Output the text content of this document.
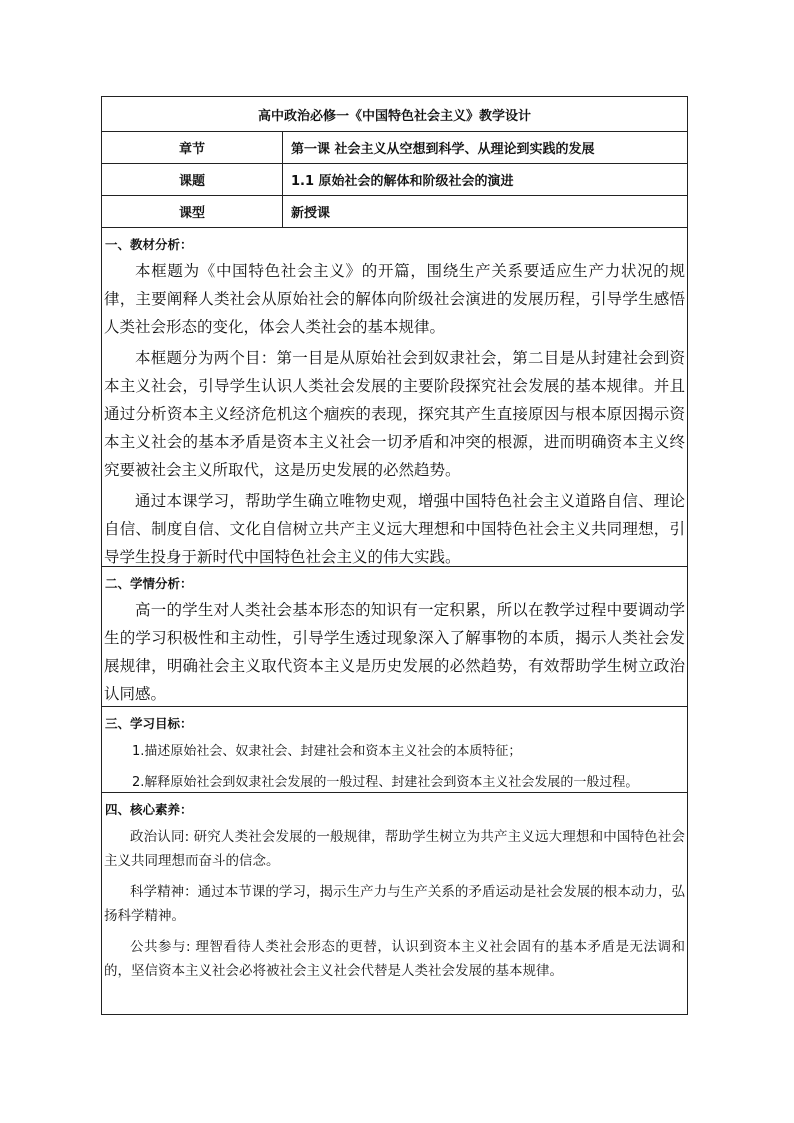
高中政治必修一《中国特色社会主义》教学设计
章节	第一课 社会主义从空想到科学、从理论到实践的发展
课题	1.1 原始社会的解体和阶级社会的演进
课型	新授课
一、教材分析：

本框题为《中国特色社会主义》的开篇，围绕生产关系要适应生产力状况的规律，主要阐释人类社会从原始社会的解体向阶级社会演进的发展历程，引导学生感悟人类社会形态的变化，体会人类社会的基本规律。

本框题分为两个目：第一目是从原始社会到奴隶社会，第二目是从封建社会到资本主义社会，引导学生认识人类社会发展的主要阶段探究社会发展的基本规律。并且通过分析资本主义经济危机这个痼疾的表现，探究其产生直接原因与根本原因揭示资本主义社会的基本矛盾是资本主义社会一切矛盾和冲突的根源，进而明确资本主义终究要被社会主义所取代，这是历史发展的必然趋势。

通过本课学习，帮助学生确立唯物史观，增强中国特色社会主义道路自信、理论自信、制度自信、文化自信树立共产主义远大理想和中国特色社会主义共同理想，引导学生投身于新时代中国特色社会主义的伟大实践。

二、学情分析：

高一的学生对人类社会基本形态的知识有一定积累，所以在教学过程中要调动学生的学习积极性和主动性，引导学生透过现象深入了解事物的本质，揭示人类社会发展规律，明确社会主义取代资本主义是历史发展的必然趋势，有效帮助学生树立政治认同感。

三、学习目标：
1.描述原始社会、奴隶社会、封建社会和资本主义社会的本质特征；
2.解释原始社会到奴隶社会发展的一般过程、封建社会到资本主义社会发展的一般过程。
四、核心素养：

政治认同: 研究人类社会发展的一般规律，帮助学生树立为共产主义远大理想和中国特色社会主义共同理想而奋斗的信念。

科学精神：通过本节课的学习，揭示生产力与生产关系的矛盾运动是社会发展的根本动力，弘扬科学精神。

公共参与: 理智看待人类社会形态的更替，认识到资本主义社会固有的基本矛盾是无法调和的，坚信资本主义社会必将被社会主义社会代替是人类社会发展的基本规律。
